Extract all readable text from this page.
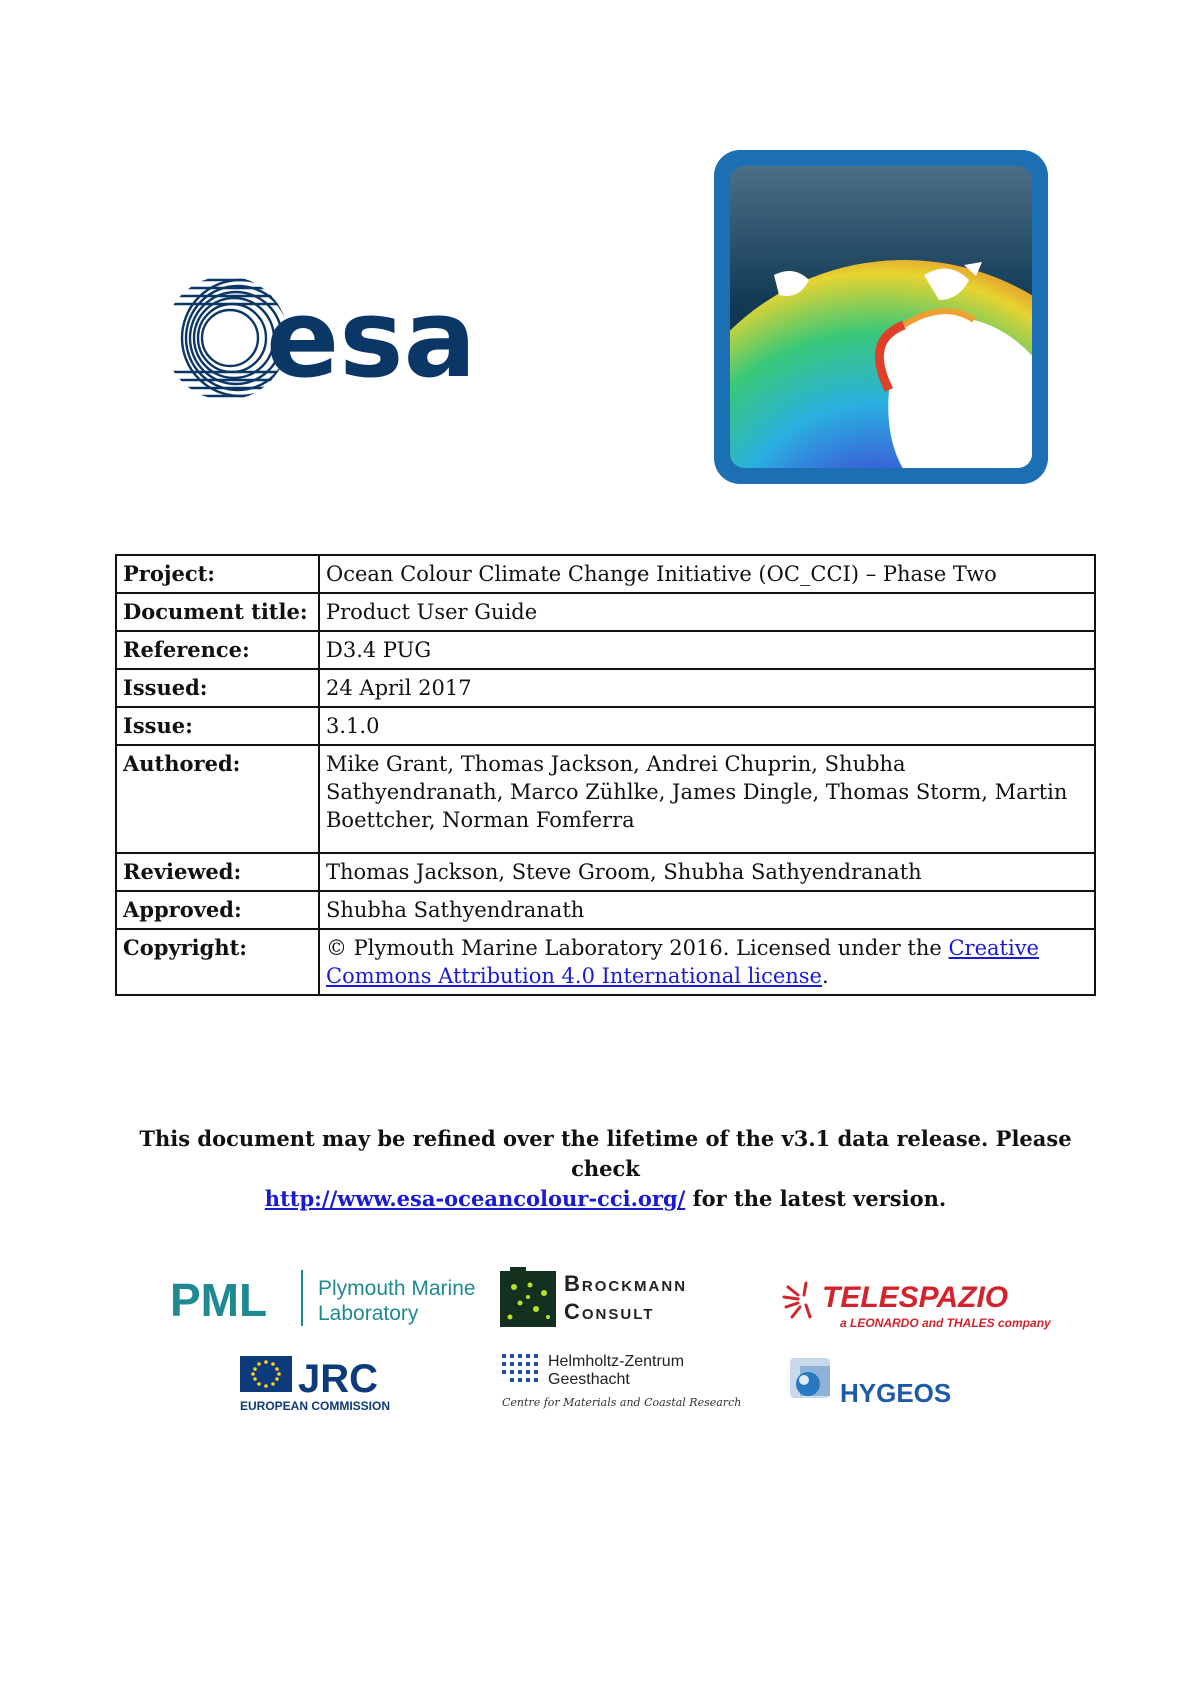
esa
Project:	Ocean Colour Climate Change Initiative (OC_CCI) – Phase Two
Document title:	Product User Guide
Reference:	D3.4 PUG
Issued:	24 April 2017
Issue:	3.1.0
Authored:	Mike Grant, Thomas Jackson, Andrei Chuprin, Shubha Sathyendranath, Marco Zühlke, James Dingle, Thomas Storm, Martin Boettcher, Norman Fomferra
Reviewed:	Thomas Jackson, Steve Groom, Shubha Sathyendranath
Approved:	Shubha Sathyendranath
Copyright:	© Plymouth Marine Laboratory 2016. Licensed under the Creative Commons Attribution 4.0 International license.
This document may be refined over the lifetime of the v3.1 data release. Please check
http://www.esa-oceancolour-cci.org/ for the latest version.
PML Plymouth Marine
Laboratory
Brockmann
Consult	TELESPAZIO
a LEONARDO and THALES company
JRC
EUROPEAN COMMISSION
Helmholtz-Zentrum
Geesthacht
Centre for Materials and Coastal Research	HYGEOS
